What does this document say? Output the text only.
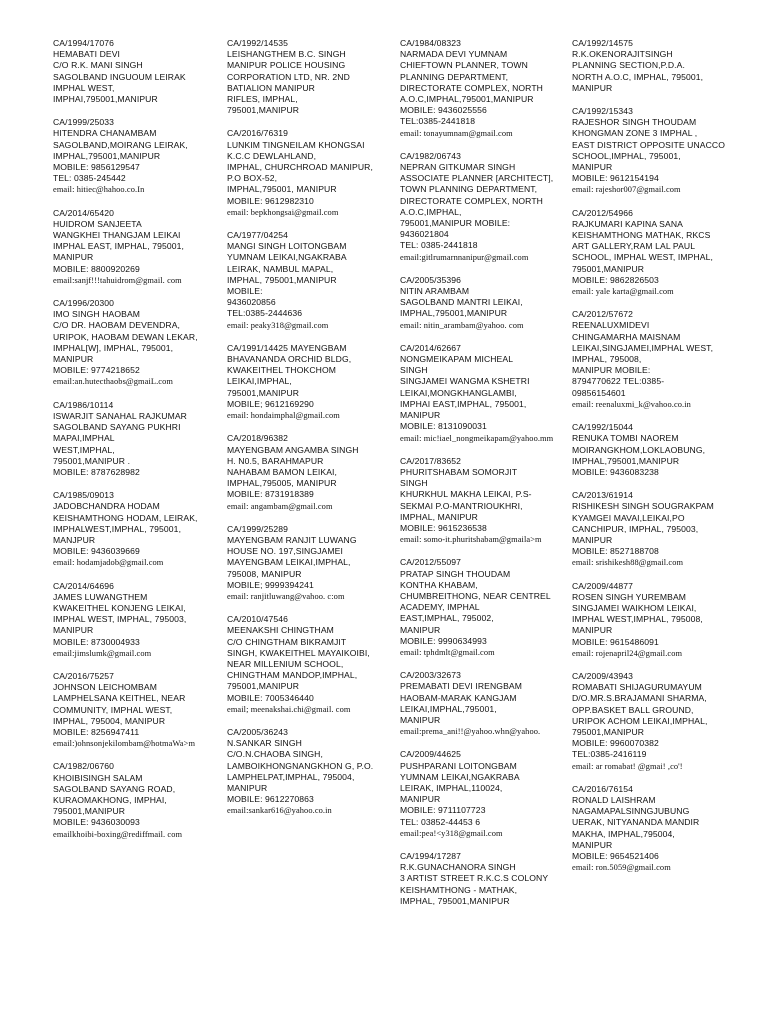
CA/1994/17076
HEMABATI DEVI
C/O R.K. MANI SINGH
SAGOLBAND INGUOUM LEIRAK
IMPHAL WEST,
IMPHAI,795001,MANIPUR
CA/1999/25033
HITENDRA CHANAMBAM
SAGOLBAND,MOIRANG LEIRAK,
IMPHAL,795001,MANIPUR
MOBILE: 9856129547
TEL: 0385-245442
email: hitiec@hahoo.co.In
CA/2014/65420
HUIDROM SANJEETA
WANGKHEI THANGJAM LEIKAI
IMPHAL EAST, IMPHAL, 795001,
MANIPUR
MOBILE: 8800920269
email:sanjf!!!tahuidrom@gmail. com
CA/1996/20300
IMO SINGH HAOBAM
C/O DR. HAOBAM DEVENDRA,
URIPOK, HAOBAM DEWAN LEKAR,
IMPHAL[W], IMPHAL, 795001,
MANIPUR
MOBILE: 9774218652
email:an.hutecthaobs@gmaiL.com
CA/1986/10114
ISWARJIT SANAHAL RAJKUMAR
SAGOLBAND SAYANG PUKHRI
MAPAI,IMPHAL
WEST,IMPHAL,
795001,MANIPUR .
MOBILE: 8787628982
CA/1985/09013
JADOBCHANDRA HODAM
KEISHAMTHONG HODAM, LEIRAK,
IMPHALWEST,IMPHAL, 795001,
MANJPUR
MOBILE: 9436039669
email: hodamjadob@gmail.com
CA/2014/64696
JAMES LUWANGTHEM
KWAKEITHEL KONJENG LEIKAI,
IMPHAL WEST, IMPHAL, 795003,
MANIPUR
MOBILE: 8730004933
email:jimslumk@gmail.com
CA/2016/75257
JOHNSON LEICHOMBAM
LAMPHELSANA KEITHEL, NEAR
COMMUNITY, IMPHAL WEST,
IMPHAL, 795004, MANIPUR
MOBILE: 8256947411
email:)ohnsonjekilombam@hotmaWa>m
CA/1982/06760
KHOIBISINGH SALAM
SAGOLBAND SAYANG ROAD,
KURAOMAKHONG, IMPHAI,
795001,MANIPUR
MOBILE: 9436030093
emailkhoibi-boxing@rediffmail. com
CA/1992/14535
LEISHANGTHEM B.C. SINGH
MANIPUR POLICE HOUSING
CORPORATION LTD, NR. 2ND
BATIALION MANIPUR
RIFLES, IMPHAL,
795001,MANIPUR
CA/2016/76319
LUNKIM TINGNEILAM KHONGSAI
K.C.C DEWLAHLAND,
IMPHAL, CHURCHROAD MANIPUR,
P.O BOX-52,
IMPHAL,795001, MANIPUR
MOBILE: 9612982310
email: bepkhongsai@gmail.com
CA/1977/04254
MANGI SINGH LOITONGBAM
YUMNAM LEIKAI,NGAKRABA
LEIRAK, NAMBUL MAPAL,
IMPHAL, 795001,MANIPUR
MOBILE:
9436020856
TEL:0385-2444636
email: peaky318@gmail.com
CA/1991/14425 MAYENGBAM
BHAVANANDA ORCHID BLDG,
KWAKEITHEL THOKCHOM
LEIKAI,IMPHAL,
795001,MANIPUR
MOBILE; 9612169290
email: hondaimphal@gmail.com
CA/2018/96382
MAYENGBAM ANGAMBA SINGH
H. N0.5, BARAHMAPUR
NAHABAM BAMON LEIKAI,
IMPHAL,795005, MANIPUR
MOBILE: 8731918389
email: angambam@gmail.com
CA/1999/25289
MAYENGBAM RANJIT LUWANG
HOUSE NO. 197,SINGJAMEI
MAYENGBAM LEIKAI,IMPHAL,
795008, MANIPUR
MOBILE; 9999394241
email: ranjitluwang@vahoo. c:om
CA/2010/47546
MEENAKSHI CHINGTHAM
C/O CHINGTHAM BIKRAMJIT
SINGH, KWAKEITHEL MAYAIKOIBI,
NEAR MILLENIUM SCHOOL,
CHINGTHAM MANDOP,IMPHAL,
795001,MANIPUR
MOBILE: 7005346440
email; meenakshai.chi@gmail. com
CA/2005/36243
N.SANKAR SINGH
C/O.N.CHAOBA SINGH,
LAMBOIKHONGNANGKHON G, P.O.
LAMPHELPAT,IMPHAL, 795004,
MANIPUR
MOBILE: 9612270863
email:sankar616@yahoo.co.in
CA/1984/08323
NARMADA DEVI YUMNAM
CHIEFTOWN PLANNER, TOWN
PLANNING DEPARTMENT,
DIRECTORATE COMPLEX, NORTH
A.O.C,IMPHAL,795001,MANIPUR
MOBILE: 9436025556
TEL:0385-2441818
email: tonayumnam@gmail.com
CA/1982/06743
NEPRAN GITKUMAR SINGH
ASSOCIATE PLANNER [ARCHITECT],
TOWN PLANNING DEPARTMENT,
DIRECTORATE COMPLEX, NORTH
A.O.C,IMPHAL,
795001,MANIPUR MOBILE:
9436021804
TEL: 0385-2441818
email:gitlrumarnnanipur@gmail.com
CA/2005/35396
NITIN ARAMBAM
SAGOLBAND MANTRI LEIKAI,
IMPHAL,795001,MANIPUR
email: nitin_arambam@yahoo. com
CA/2014/62667
NONGMEIKAPAM MICHEAL
SINGH
SINGJAMEI WANGMA KSHETRI
LEIKAI,MONGKHANGLAMBI,
IMPHAI EAST,IMPHAL, 795001,
MANIPUR
MOBILE: 8131090031
email: mic!iael_nongmeikapam@yahoo.mm
CA/2017/83652
PHURITSHABAM SOMORJIT
SINGH
KHURKHUL MAKHA LEIKAI, P.S-
SEKMAI P.O-MANTRIOUKHRI,
IMPHAL, MANIPUR
MOBILE: 9615236538
email: somo-it.phuritshabam@gmaila>m
CA/2012/55097
PRATAP SINGH THOUDAM
KONTHA KHABAM,
CHUMBREITHONG, NEAR CENTREL
ACADEMY, IMPHAL
EAST,IMPHAL, 795002,
MANIPUR
MOBILE: 9990634993
email: tphdmlt@gmail.com
CA/2003/32673
PREMABATI DEVI IRENGBAM
HAOBAM-MARAK KANGJAM
LEIKAI,IMPHAL,795001,
MANIPUR
email:prema_ani!!@yahoo.whn@yahoo.
CA/2009/44625
PUSHPARANI LOITONGBAM
YUMNAM LEIKAI,NGAKRABA
LEIRAK, IMPHAL,110024,
MANIPUR
MOBILE: 9711107723
TEL: 03852-44453 6
email:pea!<y318@gmail.com
CA/1994/17287
R.K.GUNACHANORA SINGH
3 ARTIST STREET R.K.C.S COLONY
KEISHAMTHONG - MATHAK,
IMPHAL, 795001,MANIPUR
CA/1992/14575
R.K.OKENORAJITSINGH
PLANNING SECTION,P.D.A.
NORTH A.O.C, IMPHAL, 795001,
MANIPUR
CA/1992/15343
RAJESHOR SINGH THOUDAM
KHONGMAN ZONE 3 IMPHAL ,
EAST DISTRICT OPPOSITE UNACCO
SCHOOL,IMPHAL, 795001,
MANIPUR
MOBILE: 9612154194
email: rajeshor007@gmail.com
CA/2012/54966
RAJKUMARI KAPINA SANA
KEISHAMTHONG MATHAK, RKCS
ART GALLERY,RAM LAL PAUL
SCHOOL, IMPHAL WEST, IMPHAL,
795001,MANIPUR
MOBILE: 9862826503
email: yale karta@gmail.com
CA/2012/57672
REENALUXMIDEVI
CHINGAMARHA MAISNAM
LEIKAI,SINGJAMEI,IMPHAL WEST,
IMPHAL, 795008,
MANIPUR MOBILE:
8794770622 TEL:0385-
09856154601
email: reenaluxmi_k@vahoo.co.in
CA/1992/15044
RENUKA TOMBI NAOREM
MOIRANGKHOM,LOKLAOBUNG,
IMPHAL,795001,MANIPUR
MOBILE: 9436083238
CA/2013/61914
RISHIKESH SINGH SOUGRAKPAM
KYAMGEI MAVAI,LEIKAI,PO
CANCHIPUR, IMPHAL, 795003,
MANIPUR
MOBILE: 8527188708
email: srishikesh88@gmail.com
CA/2009/44877
ROSEN SINGH YUREMBAM
SINGJAMEI WAIKHOM LEIKAI,
IMPHAL WEST,IMPHAL, 795008,
MANIPUR
MOBILE: 9615486091
email: rojenapril24@gmail.com
CA/2009/43943
ROMABATI SHIJAGURUMAYUM
D/O.MR.S.BRAJAMANI SHARMA,
OPP.BASKET BALL GROUND,
URIPOK ACHOM LEIKAI,IMPHAL,
795001,MANIPUR
MOBILE: 9960070382
TEL:0385-2416119
email: ar romabat! @gmai! ,co'!
CA/2016/76154
RONALD LAISHRAM
NAGAMAPALSINNGJUBUNG
UERAK, NITYANANDA MANDIR
MAKHA, IMPHAL,795004,
MANIPUR
MOBILE: 9654521406
email: ron.5059@gmail.com
